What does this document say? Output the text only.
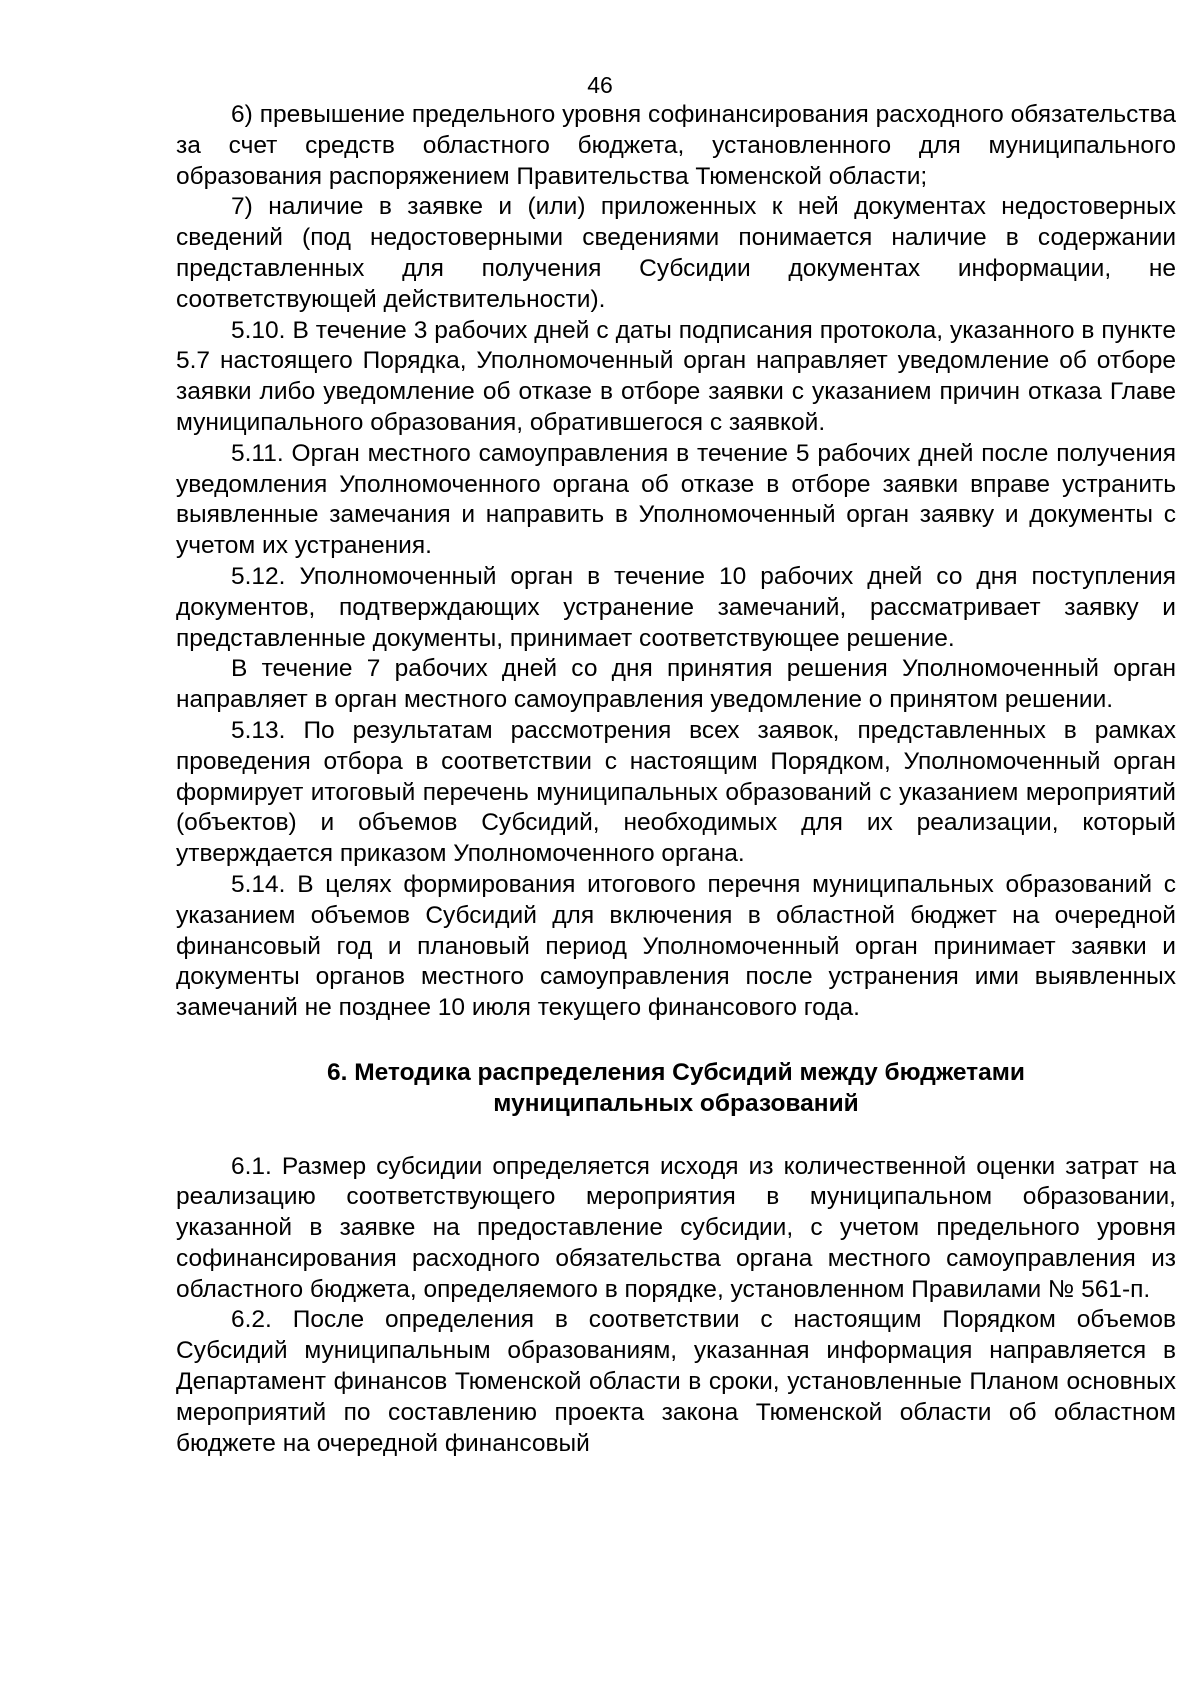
46

6) превышение предельного уровня софинансирования расходного обязательства за счет средств областного бюджета, установленного для муниципального образования распоряжением Правительства Тюменской области;

7) наличие в заявке и (или) приложенных к ней документах недостоверных сведений (под недостоверными сведениями понимается наличие в содержании представленных для получения Субсидии документах информации, не соответствующей действительности).

5.10. В течение 3 рабочих дней с даты подписания протокола, указанного в пункте 5.7 настоящего Порядка, Уполномоченный орган направляет уведомление об отборе заявки либо уведомление об отказе в отборе заявки с указанием причин отказа Главе муниципального образования, обратившегося с заявкой.

5.11. Орган местного самоуправления в течение 5 рабочих дней после получения уведомления Уполномоченного органа об отказе в отборе заявки вправе устранить выявленные замечания и направить в Уполномоченный орган заявку и документы с учетом их устранения.

5.12. Уполномоченный орган в течение 10 рабочих дней со дня поступления документов, подтверждающих устранение замечаний, рассматривает заявку и представленные документы, принимает соответствующее решение.

В течение 7 рабочих дней со дня принятия решения Уполномоченный орган направляет в орган местного самоуправления уведомление о принятом решении.

5.13. По результатам рассмотрения всех заявок, представленных в рамках проведения отбора в соответствии с настоящим Порядком, Уполномоченный орган формирует итоговый перечень муниципальных образований с указанием мероприятий (объектов) и объемов Субсидий, необходимых для их реализации, который утверждается приказом Уполномоченного органа.

5.14. В целях формирования итогового перечня муниципальных образований с указанием объемов Субсидий для включения в областной бюджет на очередной финансовый год и плановый период Уполномоченный орган принимает заявки и документы органов местного самоуправления после устранения ими выявленных замечаний не позднее 10 июля текущего финансового года.

6. Методика распределения Субсидий между бюджетами
муниципальных образований

6.1. Размер субсидии определяется исходя из количественной оценки затрат на реализацию соответствующего мероприятия в муниципальном образовании, указанной в заявке на предоставление субсидии, с учетом предельного уровня софинансирования расходного обязательства органа местного самоуправления из областного бюджета, определяемого в порядке, установленном Правилами № 561-п.

6.2. После определения в соответствии с настоящим Порядком объемов Субсидий муниципальным образованиям, указанная информация направляется в Департамент финансов Тюменской области в сроки, установленные Планом основных мероприятий по составлению проекта закона Тюменской области об областном бюджете на очередной финансовый
